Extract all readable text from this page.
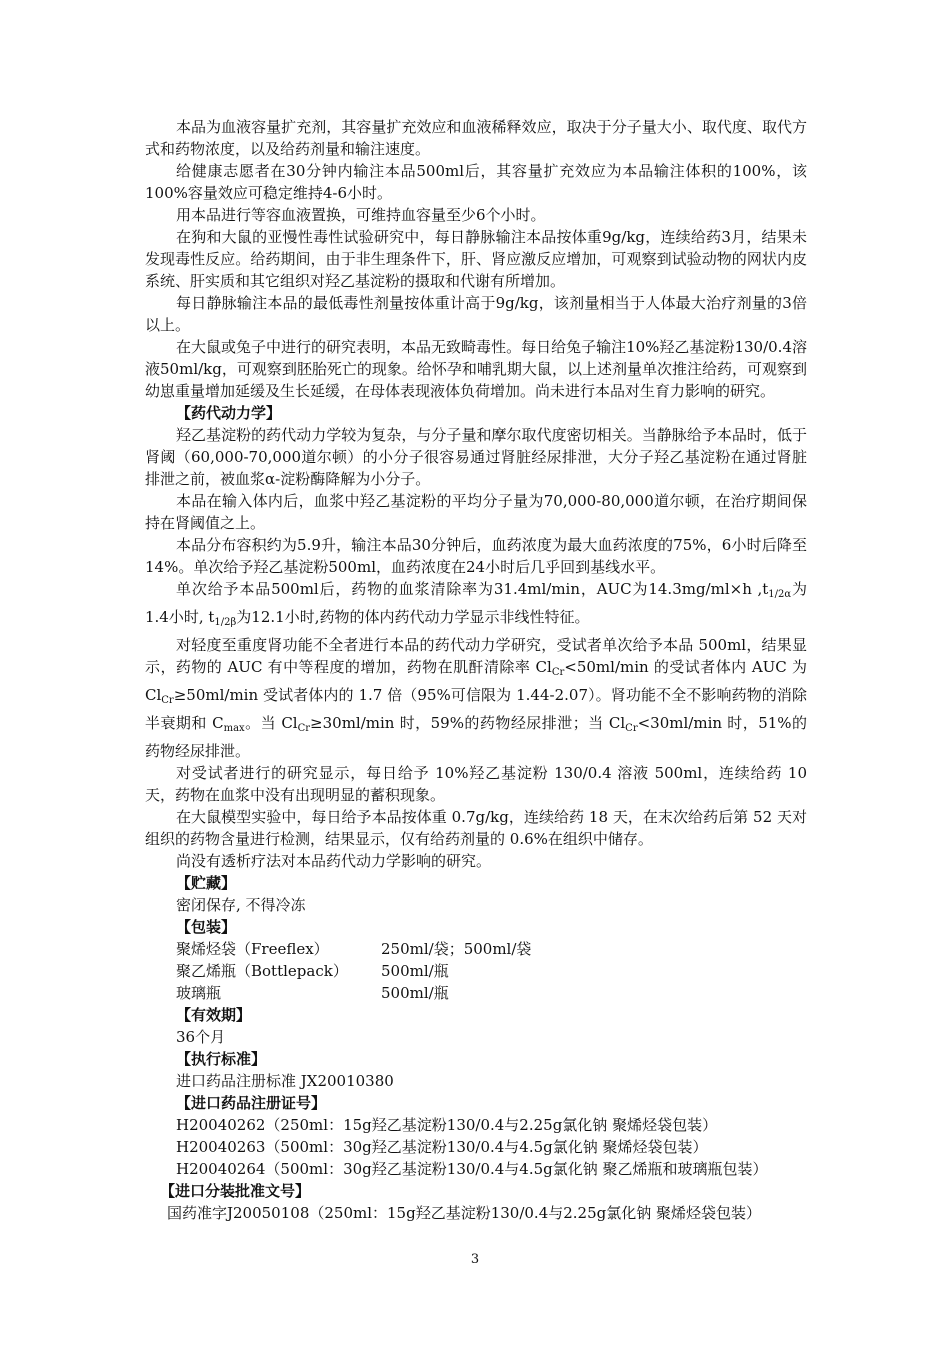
本品为血液容量扩充剂，其容量扩充效应和血液稀释效应，取决于分子量大小、取代度、取代方式和药物浓度，以及给药剂量和输注速度。

给健康志愿者在30分钟内输注本品500ml后，其容量扩充效应为本品输注体积的100%，该100%容量效应可稳定维持4-6小时。

用本品进行等容血液置换，可维持血容量至少6个小时。

在狗和大鼠的亚慢性毒性试验研究中，每日静脉输注本品按体重9g/kg，连续给药3月，结果未发现毒性反应。给药期间，由于非生理条件下，肝、肾应激反应增加，可观察到试验动物的网状内皮系统、肝实质和其它组织对羟乙基淀粉的摄取和代谢有所增加。

每日静脉输注本品的最低毒性剂量按体重计高于9g/kg，该剂量相当于人体最大治疗剂量的3倍以上。

在大鼠或兔子中进行的研究表明，本品无致畸毒性。每日给兔子输注10%羟乙基淀粉130/0.4溶液50ml/kg，可观察到胚胎死亡的现象。给怀孕和哺乳期大鼠，以上述剂量单次推注给药，可观察到幼崽重量增加延缓及生长延缓，在母体表现液体负荷增加。尚未进行本品对生育力影响的研究。

【药代动力学】

羟乙基淀粉的药代动力学较为复杂，与分子量和摩尔取代度密切相关。当静脉给予本品时，低于肾阈（60,000-70,000道尔顿）的小分子很容易通过肾脏经尿排泄，大分子羟乙基淀粉在通过肾脏排泄之前，被血浆α-淀粉酶降解为小分子。

本品在输入体内后，血浆中羟乙基淀粉的平均分子量为70,000-80,000道尔顿，在治疗期间保持在肾阈值之上。

本品分布容积约为5.9升，输注本品30分钟后，血药浓度为最大血药浓度的75%，6小时后降至14%。单次给予羟乙基淀粉500ml，血药浓度在24小时后几乎回到基线水平。

单次给予本品500ml后，药物的血浆清除率为31.4ml/min，AUC为14.3mg/ml×h $,t_{1/2\alpha}$为1.4小时, $t_{1/2\beta}$为12.1小时,药物的体内药代动力学显示非线性特征。

对轻度至重度肾功能不全者进行本品的药代动力学研究，受试者单次给予本品 500ml，结果显示，药物的 AUC 有中等程度的增加，药物在肌酐清除率 $Cl_{Cr}<50ml/\min$ 的受试者体内 AUC 为 $Cl_{Cr}\ge 50ml/\min$ 受试者体内的 1.7 倍（95%可信限为 1.44-2.07）。肾功能不全不影响药物的消除半衰期和 $C_{max}$。当 $Cl_{Cr}\ge 30ml/\min$ 时，59%的药物经尿排泄；当 $Cl_{Cr}<30ml/\min$ 时，51%的药物经尿排泄。

对受试者进行的研究显示，每日给予 10%羟乙基淀粉 130/0.4 溶液 500ml，连续给药 10 天，药物在血浆中没有出现明显的蓄积现象。

在大鼠模型实验中，每日给予本品按体重 0.7g/kg，连续给药 18 天，在末次给药后第 52 天对组织的药物含量进行检测，结果显示，仅有给药剂量的 0.6%在组织中储存。

尚没有透析疗法对本品药代动力学影响的研究。

【贮藏】

密闭保存, 不得冷冻

【包装】

聚烯烃袋（Freeflex）	250ml/袋；500ml/袋
聚乙烯瓶（Bottlepack）	500ml/瓶
玻璃瓶	500ml/瓶

【有效期】

36个月

【执行标准】

进口药品注册标准 JX20010380

【进口药品注册证号】

H20040262（250ml：15g羟乙基淀粉130/0.4与2.25g氯化钠 聚烯烃袋包装）

H20040263（500ml：30g羟乙基淀粉130/0.4与4.5g氯化钠 聚烯烃袋包装）

H20040264（500ml：30g羟乙基淀粉130/0.4与4.5g氯化钠 聚乙烯瓶和玻璃瓶包装）

【进口分装批准文号】

国药准字J20050108（250ml：15g羟乙基淀粉130/0.4与2.25g氯化钠 聚烯烃袋包装）

3
